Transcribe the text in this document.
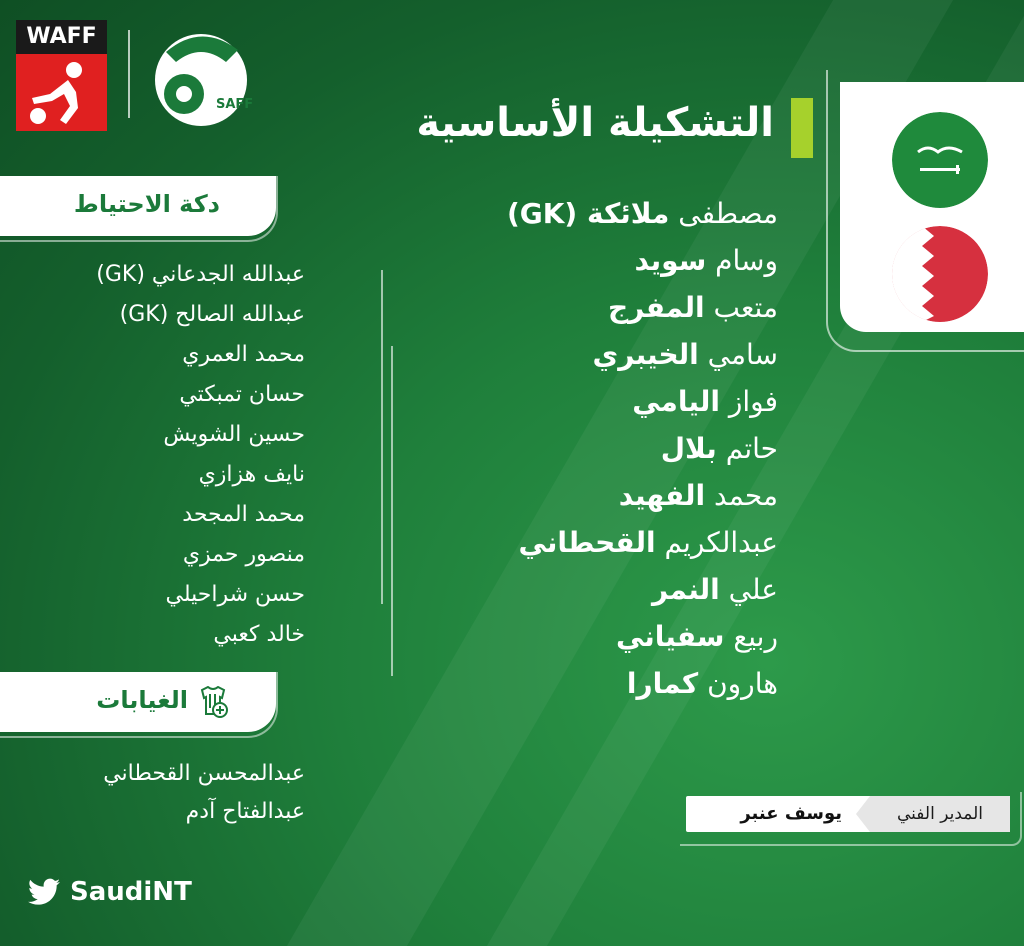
WAFF
SAFF	التشكيلة الأساسية
مصطفى ملائكة (GK)
وسام سويد
متعب المفرج
سامي الخيبري
فواز اليامي
حاتم بلال
محمد الفهيد
عبدالكريم القحطاني
علي النمر
ربيع سفياني
هارون كمارا
دكة الاحتياط
عبدالله الجدعاني (GK)
عبدالله الصالح (GK)
محمد العمري
حسان تمبكتي
حسين الشويش
نايف هزازي
محمد المجحد
منصور حمزي
حسن شراحيلي
خالد كعبي
الغيابات
عبدالمحسن القحطاني
عبدالفتاح آدم	المدير الفني
يوسف عنبر
SaudiNT
